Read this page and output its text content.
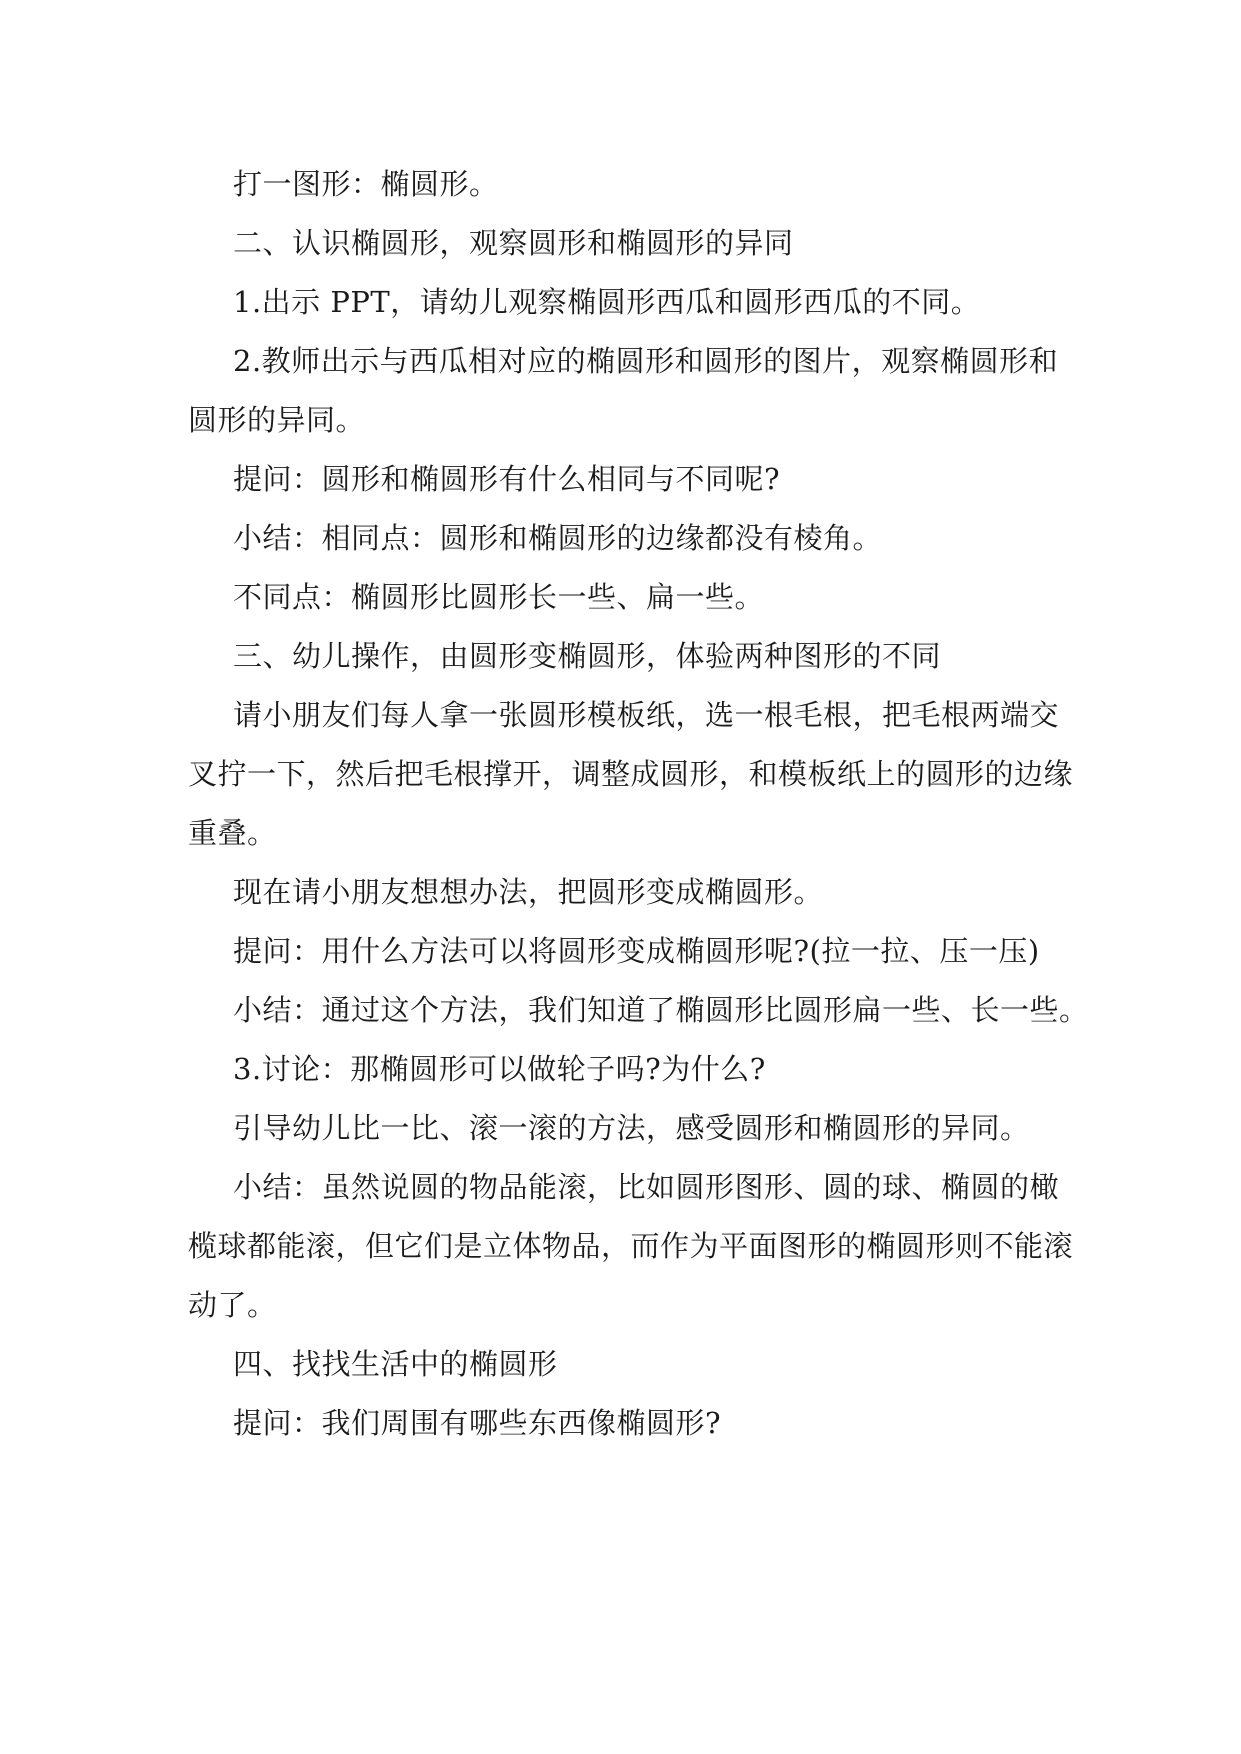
打一图形：椭圆形。
二、认识椭圆形，观察圆形和椭圆形的异同
1.出示 PPT，请幼儿观察椭圆形西瓜和圆形西瓜的不同。
2.教师出示与西瓜相对应的椭圆形和圆形的图片，观察椭圆形和
圆形的异同。
提问：圆形和椭圆形有什么相同与不同呢?
小结：相同点：圆形和椭圆形的边缘都没有棱角。
不同点：椭圆形比圆形长一些、扁一些。
三、幼儿操作，由圆形变椭圆形，体验两种图形的不同
请小朋友们每人拿一张圆形模板纸，选一根毛根，把毛根两端交
叉拧一下，然后把毛根撑开，调整成圆形，和模板纸上的圆形的边缘
重叠。
现在请小朋友想想办法，把圆形变成椭圆形。
提问：用什么方法可以将圆形变成椭圆形呢?(拉一拉、压一压)
小结：通过这个方法，我们知道了椭圆形比圆形扁一些、长一些。
3.讨论：那椭圆形可以做轮子吗?为什么?
引导幼儿比一比、滚一滚的方法，感受圆形和椭圆形的异同。
小结：虽然说圆的物品能滚，比如圆形图形、圆的球、椭圆的橄
榄球都能滚，但它们是立体物品，而作为平面图形的椭圆形则不能滚
动了。
四、找找生活中的椭圆形
提问：我们周围有哪些东西像椭圆形?
